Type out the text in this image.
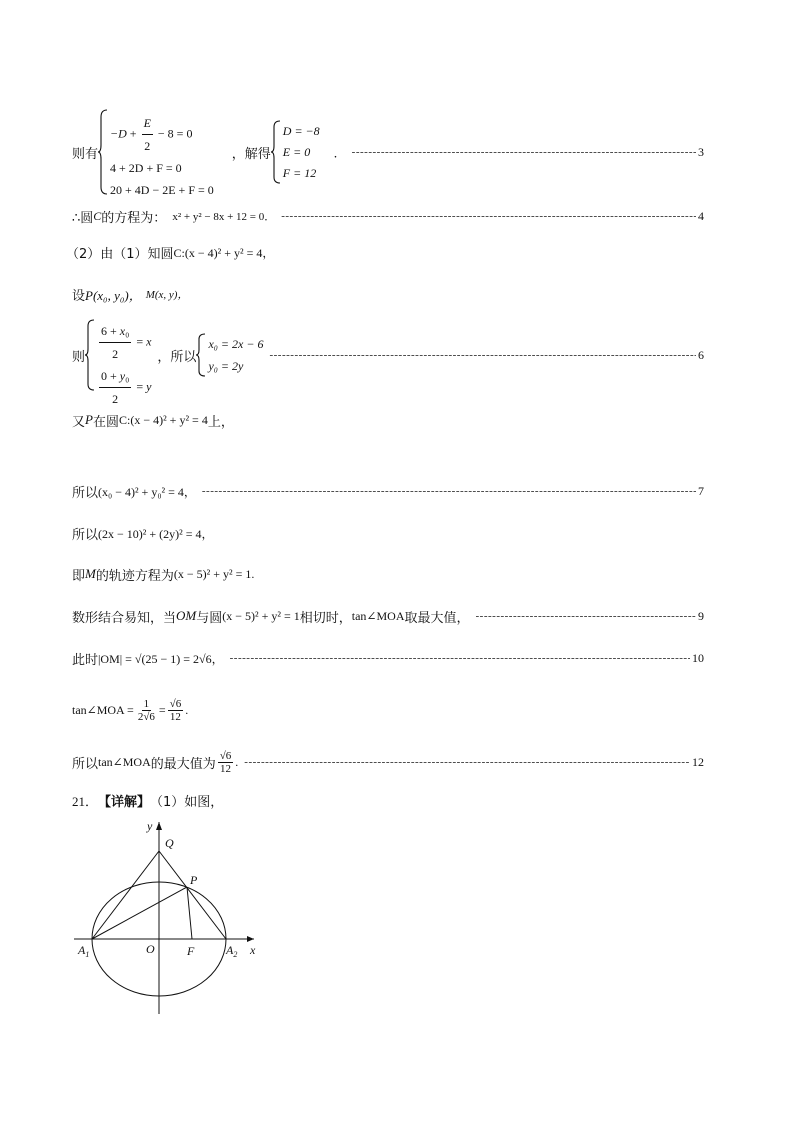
则有
$-D + \frac{E}{2} - 8 = 0$
4 + 2D + F = 0
20 + 4D − 2E + F = 0
，解得
D = −8
E = 0
F = 12
． -----	3
∴圆 C 的方程为： x² + y² − 8x + 12 = 0． -----	4
（2）由（1）知圆 C:(x − 4)² + y² = 4，
设 P(x₀, y₀)， M(x, y)，
则 $\frac{\text{6 + x₀}}{2} = x$
$\frac{\text{0 + y₀}}{2} = y$
，所以
x₀ = 2x − 6
y₀ = 2y
-----
6
又 P 在圆 C:(x − 4)² + y² = 4 上，
所以 (x₀ − 4)² + y₀² = 4， -----	7
所以 (2x − 10)² + (2y)² = 4，
即 M 的轨迹方程为 (x − 5)² + y² = 1.
数形结合易知，当 OM 与圆 (x − 5)² + y² = 1 相切时， tan∠MOA 取最大值， -----	9
此时 |OM| = √(25 − 1) = 2√6， -----	10
tan∠MOA = $\frac{1}{2√6} = \frac{√6}{12}$ .
所以 tan∠MOA 的最大值为 $\frac{√6}{12}$ . -----	12
21． 【详解】 （1）如图，
y
x
Q
P
$A_1$	O	F	$A_2$
